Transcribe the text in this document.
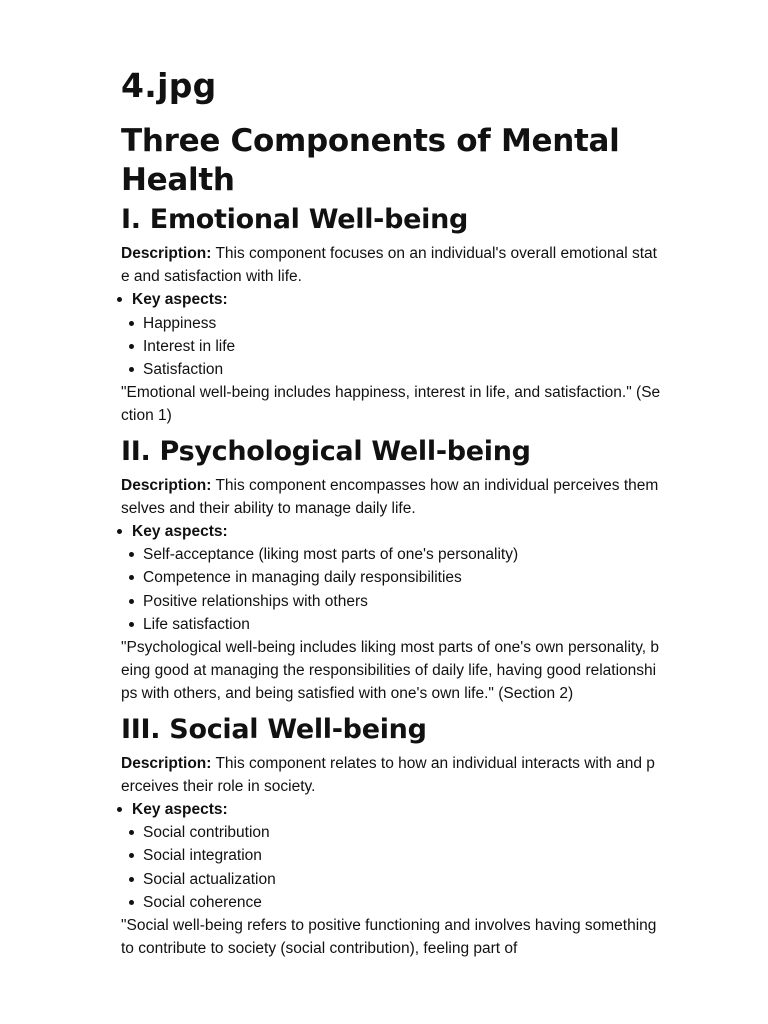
4.jpg
Three Components of Mental Health
I. Emotional Well-being

Description: This component focuses on an individual's overall emotional state and satisfaction with life.

Key aspects:
Happiness
Interest in life
Satisfaction

"Emotional well-being includes happiness, interest in life, and satisfaction." (Section 1)

II. Psychological Well-being

Description: This component encompasses how an individual perceives themselves and their ability to manage daily life.

Key aspects:
Self-acceptance (liking most parts of one's personality)
Competence in managing daily responsibilities
Positive relationships with others
Life satisfaction

"Psychological well-being includes liking most parts of one's own personality, being good at managing the responsibilities of daily life, having good relationships with others, and being satisfied with one's own life." (Section 2)

III. Social Well-being

Description: This component relates to how an individual interacts with and perceives their role in society.

Key aspects:
Social contribution
Social integration
Social actualization
Social coherence

"Social well-being refers to positive functioning and involves having something to contribute to society (social contribution), feeling part of
